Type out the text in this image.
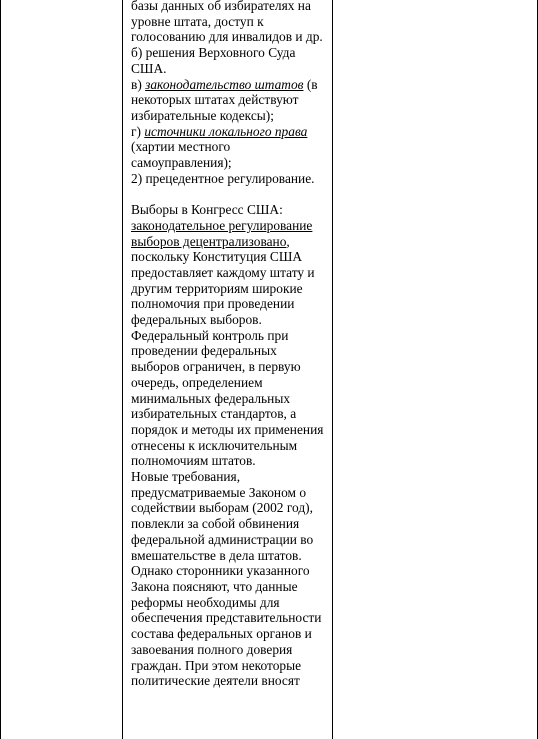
базы данных об избирателях на уровне штата, доступ к голосованию для инвалидов и др.

б) решения Верховного Суда США.

в) законодательство штатов (в некоторых штатах действуют избирательные кодексы);

г) источники локального права (хартии местного самоуправления);

2) прецедентное регулирование.

Выборы в Конгресс США:

законодательное регулирование выборов децентрализовано, поскольку Конституция США предоставляет каждому штату и другим территориям широкие полномочия при проведении федеральных выборов.

Федеральный контроль при проведении федеральных выборов ограничен, в первую очередь, определением минимальных федеральных избирательных стандартов, а порядок и методы их применения отнесены к исключительным полномочиям штатов.

Новые требования, предусматриваемые Законом о содействии выборам (2002 год), повлекли за собой обвинения федеральной администрации во вмешательстве в дела штатов.

Однако сторонники указанного Закона поясняют, что данные реформы необходимы для обеспечения представительности состава федеральных органов и завоевания полного доверия граждан. При этом некоторые политические деятели вносят
